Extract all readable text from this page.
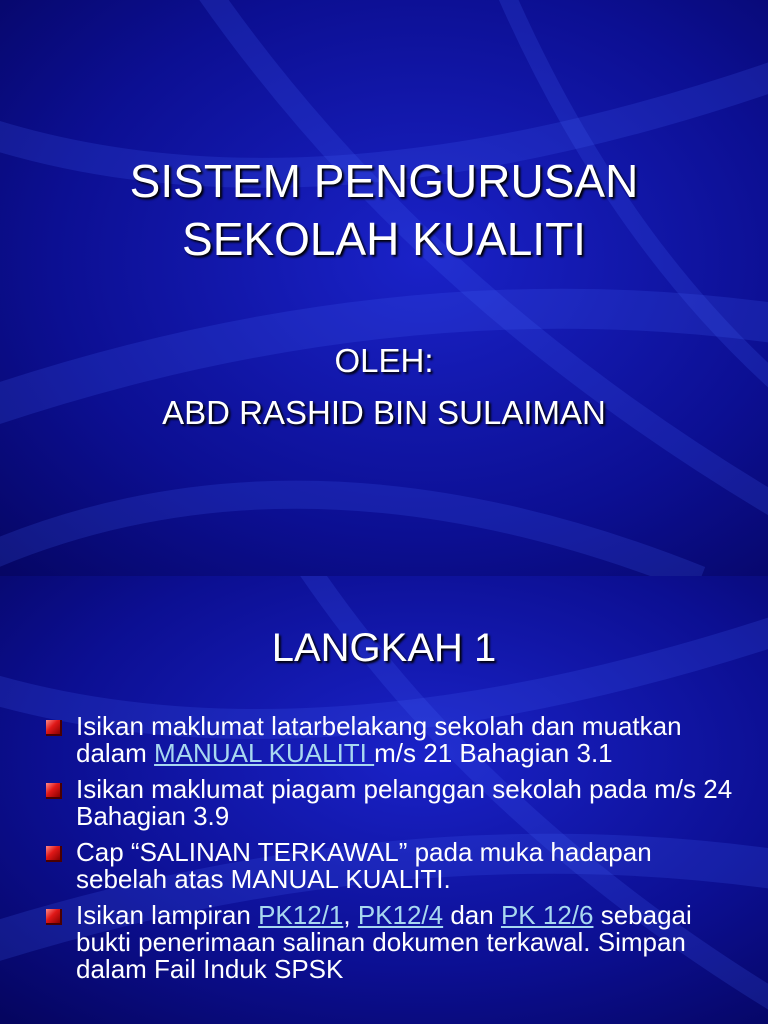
SISTEM PENGURUSAN
SEKOLAH KUALITI
OLEH:
ABD RASHID BIN SULAIMAN
LANGKAH 1
Isikan maklumat latarbelakang sekolah dan muatkan dalam MANUAL KUALITI m/s 21 Bahagian 3.1
Isikan maklumat piagam pelanggan sekolah pada m/s 24 Bahagian 3.9
Cap “SALINAN TERKAWAL” pada muka hadapan sebelah atas MANUAL KUALITI.
Isikan lampiran PK12/1, PK12/4 dan PK 12/6 sebagai bukti penerimaan salinan dokumen terkawal. Simpan dalam Fail Induk SPSK
